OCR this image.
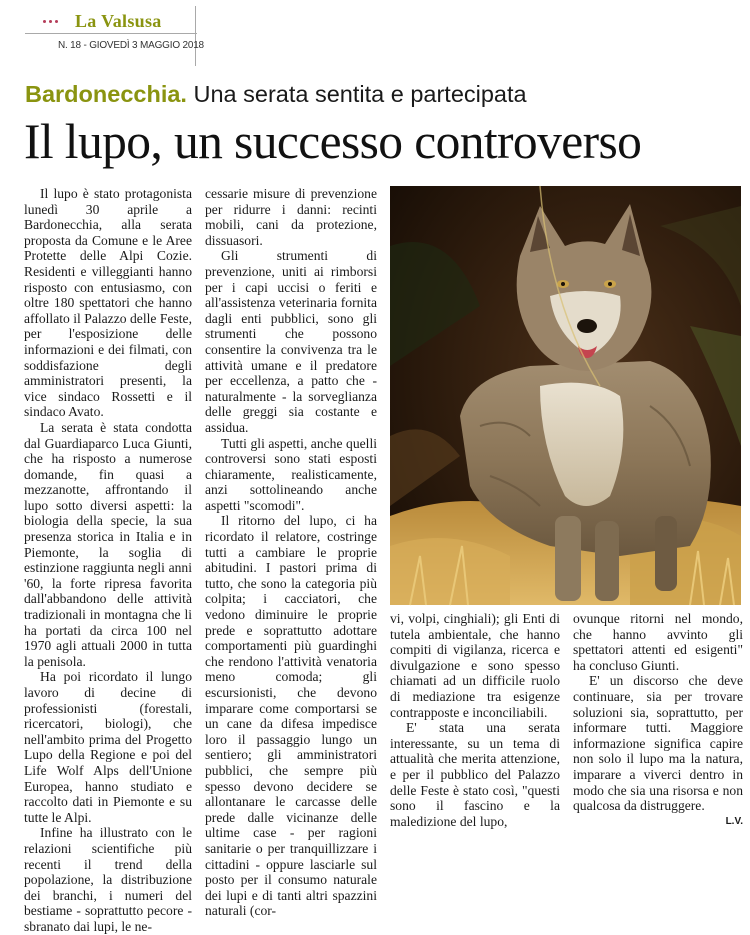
La Valsusa
N. 18 - GIOVEDÌ 3 MAGGIO 2018
Bardonecchia. Una serata sentita e partecipata
Il lupo, un successo controverso

Il lupo è stato protagonista lunedì 30 aprile a Bardonecchia, alla serata proposta da Comune e le Aree Protette delle Alpi Cozie. Residenti e villeggianti hanno risposto con entusiasmo, con oltre 180 spettatori che hanno affollato il Palazzo delle Feste, per l'esposizione delle informazioni e dei filmati, con soddisfazione degli amministratori presenti, la vice sindaco Rossetti e il sindaco Avato.

La serata è stata condotta dal Guardiaparco Luca Giunti, che ha risposto a numerose domande, fin quasi a mezzanotte, affrontando il lupo sotto diversi aspetti: la biologia della specie, la sua presenza storica in Italia e in Piemonte, la soglia di estinzione raggiunta negli anni '60, la forte ripresa favorita dall'abbandono delle attività tradizionali in montagna che li ha portati da circa 100 nel 1970 agli attuali 2000 in tutta la penisola.

Ha poi ricordato il lungo lavoro di decine di professionisti (forestali, ricercatori, biologi), che nell'ambito prima del Progetto Lupo della Regione e poi del Life Wolf Alps dell'Unione Europea, hanno studiato e raccolto dati in Piemonte e su tutte le Alpi.

Infine ha illustrato con le relazioni scientifiche più recenti il trend della popolazione, la distribuzione dei branchi, i numeri del bestiame - soprattutto pecore - sbranato dai lupi, le ne-

cessarie misure di prevenzione per ridurre i danni: recinti mobili, cani da protezione, dissuasori.

Gli strumenti di prevenzione, uniti ai rimborsi per i capi uccisi o feriti e all'assistenza veterinaria fornita dagli enti pubblici, sono gli strumenti che possono consentire la convivenza tra le attività umane e il predatore per eccellenza, a patto che - naturalmente - la sorveglianza delle greggi sia costante e assidua.

Tutti gli aspetti, anche quelli controversi sono stati esposti chiaramente, realisticamente, anzi sottolineando anche aspetti "scomodi".

Il ritorno del lupo, ci ha ricordato il relatore, costringe tutti a cambiare le proprie abitudini. I pastori prima di tutto, che sono la categoria più colpita; i cacciatori, che vedono diminuire le proprie prede e soprattutto adottare comportamenti più guardinghi che rendono l'attività venatoria meno comoda; gli escursionisti, che devono imparare come comportarsi se un cane da difesa impedisce loro il passaggio lungo un sentiero; gli amministratori pubblici, che sempre più spesso devono decidere se allontanare le carcasse delle prede dalle vicinanze delle ultime case - per ragioni sanitarie o per tranquillizzare i cittadini - oppure lasciarle sul posto per il consumo naturale dei lupi e di tanti altri spazzini naturali (cor-

vi, volpi, cinghiali); gli Enti di tutela ambientale, che hanno compiti di vigilanza, ricerca e divulgazione e sono spesso chiamati ad un difficile ruolo di mediazione tra esigenze contrapposte e inconciliabili.

E' stata una serata interessante, su un tema di attualità che merita attenzione, e per il pubblico del Palazzo delle Feste è stato così, "questi sono il fascino e la maledizione del lupo,

ovunque ritorni nel mondo, che hanno avvinto gli spettatori attenti ed esigenti" ha concluso Giunti.

E' un discorso che deve continuare, sia per trovare soluzioni sia, soprattutto, per informare tutti. Maggiore informazione significa capire non solo il lupo ma la natura, imparare a viverci dentro in modo che sia una risorsa e non qualcosa da distruggere.

L.V.
